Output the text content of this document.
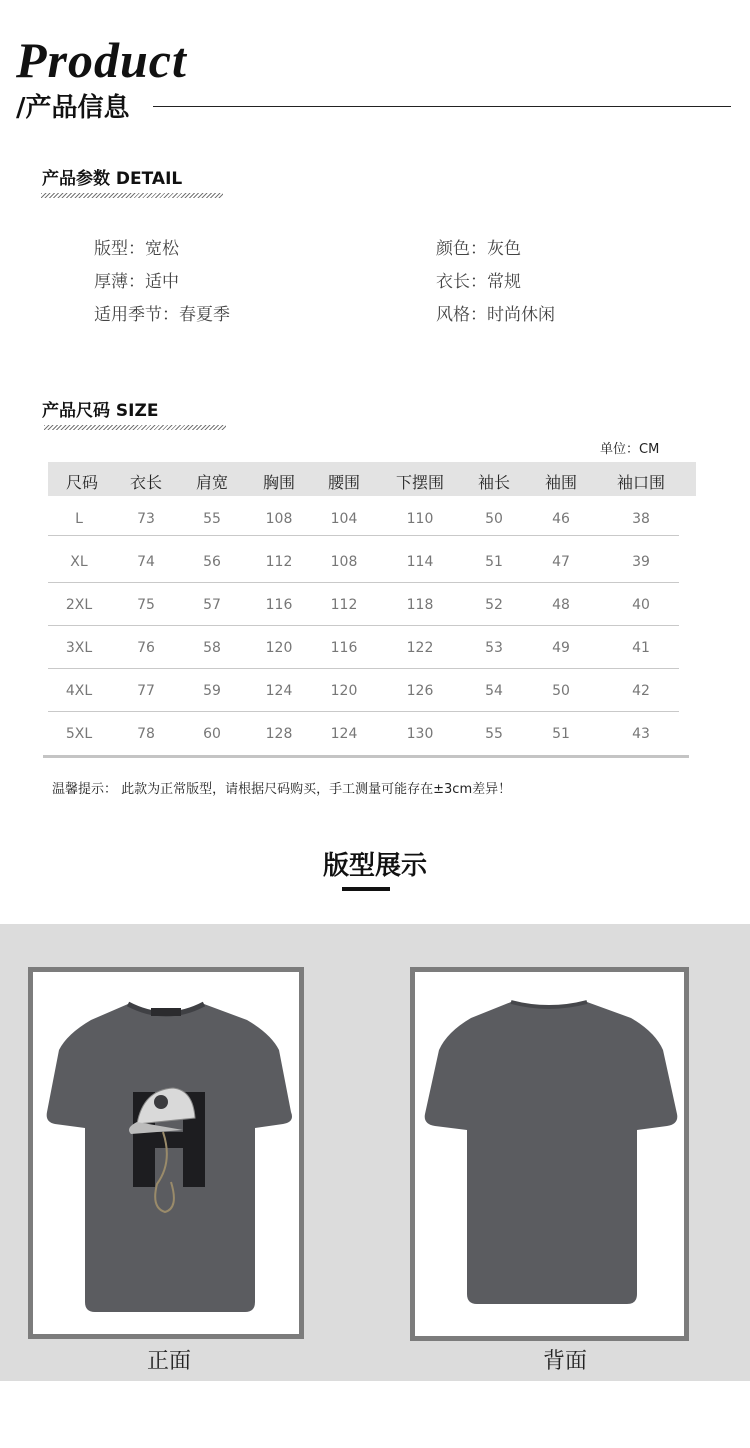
Product
/产品信息
产品参数 DETAIL
版型：宽松
厚薄：适中
适用季节：春夏季
颜色：灰色
衣长：常规
风格：时尚休闲
产品尺码 SIZE
单位：CM
尺码 衣长 肩宽 胸围 腰围 下摆围 袖长 袖围 袖口围
L	73	55	108	104	110	50	46	38
XL	74	56	112	108	114	51	47	39
2XL	75	57	116	112	118	52	48	40
3XL	76	58	120	116	122	53	49	41
4XL	77	59	124	120	126	54	50	42
5XL	78	60	128	124	130	55	51	43
温馨提示： 此款为正常版型，请根据尺码购买，手工测量可能存在±3cm差异！
版型展示
正面	背面
